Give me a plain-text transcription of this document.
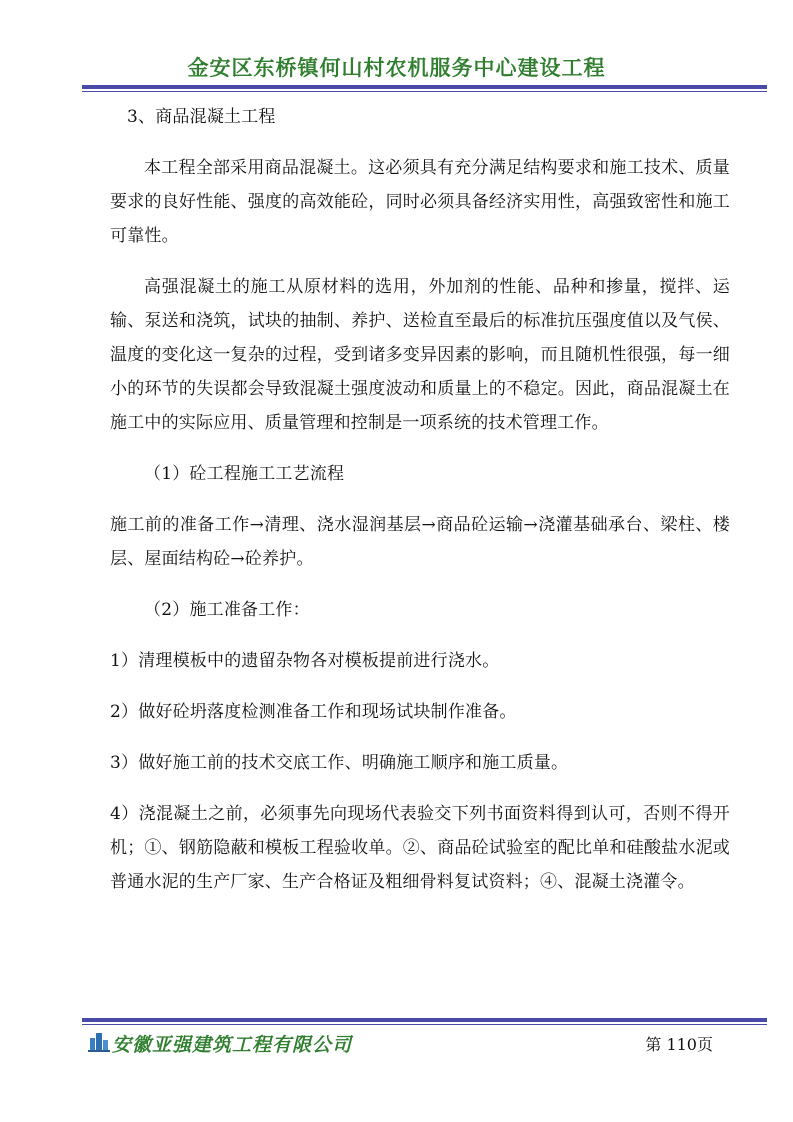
金安区东桥镇何山村农机服务中心建设工程

3、商品混凝土工程

本工程全部采用商品混凝土。这必须具有充分满足结构要求和施工技术、质量要求的良好性能、强度的高效能砼，同时必须具备经济实用性，高强致密性和施工可靠性。

高强混凝土的施工从原材料的选用，外加剂的性能、品种和掺量，搅拌、运输、泵送和浇筑，试块的抽制、养护、送检直至最后的标准抗压强度值以及气侯、温度的变化这一复杂的过程，受到诸多变异因素的影响，而且随机性很强，每一细小的环节的失误都会导致混凝土强度波动和质量上的不稳定。因此，商品混凝土在施工中的实际应用、质量管理和控制是一项系统的技术管理工作。

（1）砼工程施工工艺流程

施工前的准备工作→清理、浇水湿润基层→商品砼运输→浇灌基础承台、梁柱、楼层、屋面结构砼→砼养护。

（2）施工准备工作：

1）清理模板中的遗留杂物各对模板提前进行浇水。

2）做好砼坍落度检测准备工作和现场试块制作准备。

3）做好施工前的技术交底工作、明确施工顺序和施工质量。

4）浇混凝土之前，必须事先向现场代表验交下列书面资料得到认可，否则不得开机；①、钢筋隐蔽和模板工程验收单。②、商品砼试验室的配比单和硅酸盐水泥或普通水泥的生产厂家、生产合格证及粗细骨料复试资料；④、混凝土浇灌令。

安徽亚强建筑工程有限公司	第 110页
